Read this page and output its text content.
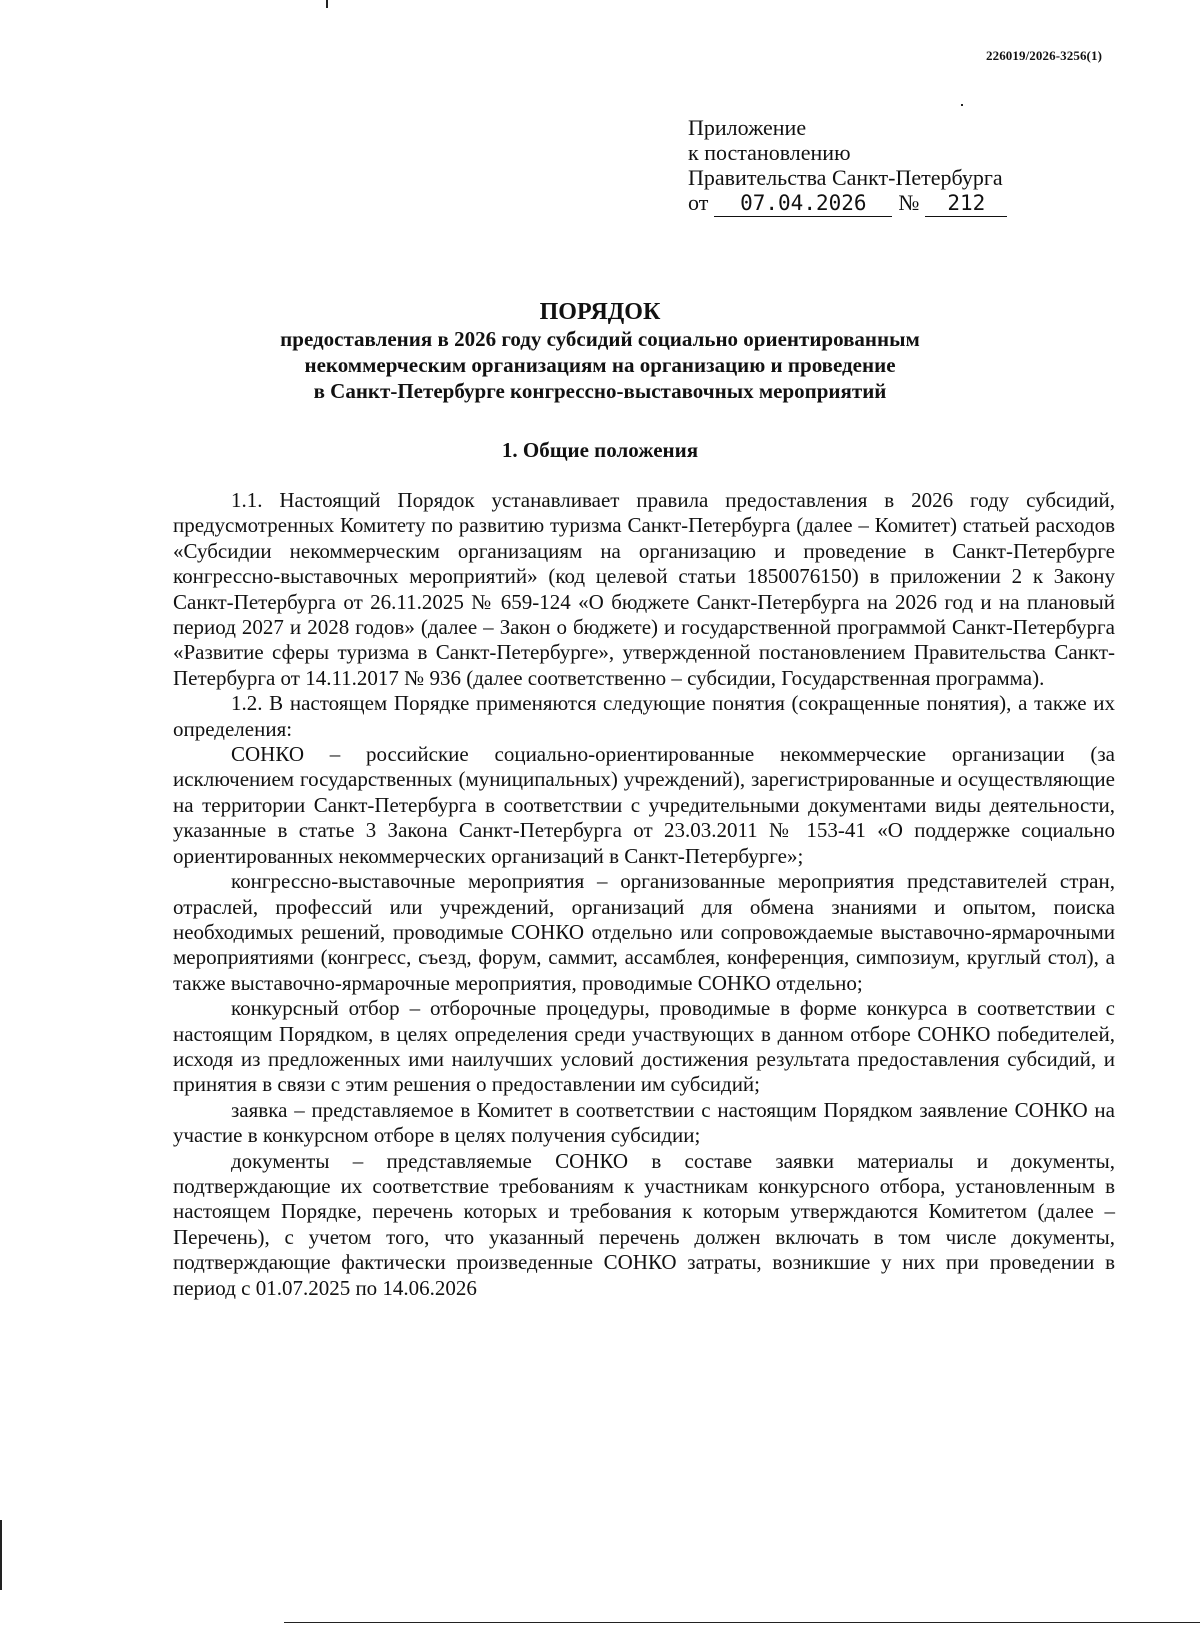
226019/2026-3256(1)
Приложение
к постановлению
Правительства Санкт-Петербурга
от 07.04.2026 № 212
ПОРЯДОК
предоставления в 2026 году субсидий социально ориентированным
некоммерческим организациям на организацию и проведение
в Санкт-Петербурге конгрессно-выставочных мероприятий
1. Общие положения

1.1. Настоящий Порядок устанавливает правила предоставления в 2026 году субсидий, предусмотренных Комитету по развитию туризма Санкт-Петербурга (далее – Комитет) статьей расходов «Субсидии некоммерческим организациям на организацию и проведение в Санкт-Петербурге конгрессно-выставочных мероприятий» (код целевой статьи 1850076150) в приложении 2 к Закону Санкт-Петербурга от 26.11.2025 № 659-124 «О бюджете Санкт-Петербурга на 2026 год и на плановый период 2027 и 2028 годов» (далее – Закон о бюджете) и государственной программой Санкт-Петербурга «Развитие сферы туризма в Санкт-Петербурге», утвержденной постановлением Правительства Санкт-Петербурга от 14.11.2017 № 936 (далее соответственно – субсидии, Государственная программа).

1.2. В настоящем Порядке применяются следующие понятия (сокращенные понятия), а также их определения:

СОНКО – российские социально-ориентированные некоммерческие организации (за исключением государственных (муниципальных) учреждений), зарегистрированные и осуществляющие на территории Санкт-Петербурга в соответствии с учредительными документами виды деятельности, указанные в статье 3 Закона Санкт-Петербурга от 23.03.2011 № 153-41 «О поддержке социально ориентированных некоммерческих организаций в Санкт-Петербурге»;

конгрессно-выставочные мероприятия – организованные мероприятия представителей стран, отраслей, профессий или учреждений, организаций для обмена знаниями и опытом, поиска необходимых решений, проводимые СОНКО отдельно или сопровождаемые выставочно-ярмарочными мероприятиями (конгресс, съезд, форум, саммит, ассамблея, конференция, симпозиум, круглый стол), а также выставочно-ярмарочные мероприятия, проводимые СОНКО отдельно;

конкурсный отбор – отборочные процедуры, проводимые в форме конкурса в соответствии с настоящим Порядком, в целях определения среди участвующих в данном отборе СОНКО победителей, исходя из предложенных ими наилучших условий достижения результата предоставления субсидий, и принятия в связи с этим решения о предоставлении им субсидий;

заявка – представляемое в Комитет в соответствии с настоящим Порядком заявление СОНКО на участие в конкурсном отборе в целях получения субсидии;

документы – представляемые СОНКО в составе заявки материалы и документы, подтверждающие их соответствие требованиям к участникам конкурсного отбора, установленным в настоящем Порядке, перечень которых и требования к которым утверждаются Комитетом (далее – Перечень), с учетом того, что указанный перечень должен включать в том числе документы, подтверждающие фактически произведенные СОНКО затраты, возникшие у них при проведении в период с 01.07.2025 по 14.06.2026
